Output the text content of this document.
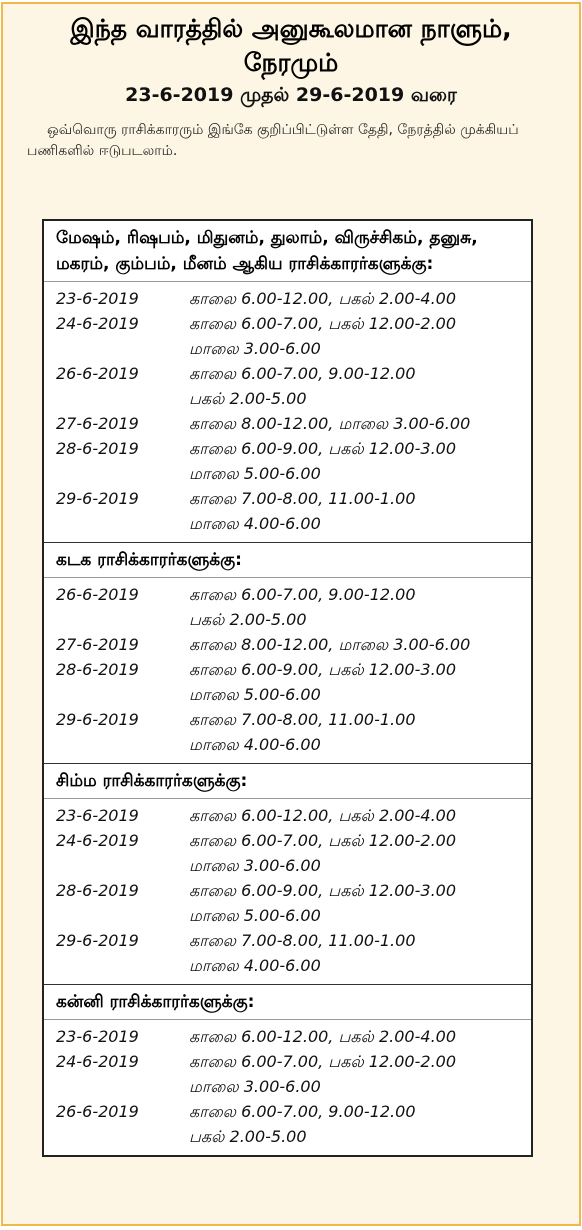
இந்த வாரத்தில் அனுகூலமான நாளும்,
நேரமும்
23-6-2019 முதல் 29-6-2019 வரை
ஒவ்வொரு ராசிக்காரரும் இங்கே குறிப்பிட்டுள்ள தேதி, நேரத்தில் முக்கியப் பணிகளில் ஈடுபடலாம்.
மேஷம், ரிஷபம், மிதுனம், துலாம், விருச்சிகம், தனுசு, மகரம், கும்பம், மீனம் ஆகிய ராசிக்காரர்களுக்கு:
23-6-2019	காலை 6.00-12.00, பகல் 2.00-4.00
24-6-2019	காலை 6.00-7.00, பகல் 12.00-2.00
மாலை 3.00-6.00
26-6-2019	காலை 6.00-7.00, 9.00-12.00
பகல் 2.00-5.00
27-6-2019	காலை 8.00-12.00, மாலை 3.00-6.00
28-6-2019	காலை 6.00-9.00, பகல் 12.00-3.00
மாலை 5.00-6.00
29-6-2019	காலை 7.00-8.00, 11.00-1.00
மாலை 4.00-6.00
கடக ராசிக்காரர்களுக்கு:
26-6-2019	காலை 6.00-7.00, 9.00-12.00
பகல் 2.00-5.00
27-6-2019	காலை 8.00-12.00, மாலை 3.00-6.00
28-6-2019	காலை 6.00-9.00, பகல் 12.00-3.00
மாலை 5.00-6.00
29-6-2019	காலை 7.00-8.00, 11.00-1.00
மாலை 4.00-6.00
சிம்ம ராசிக்காரர்களுக்கு:
23-6-2019	காலை 6.00-12.00, பகல் 2.00-4.00
24-6-2019	காலை 6.00-7.00, பகல் 12.00-2.00
மாலை 3.00-6.00
28-6-2019	காலை 6.00-9.00, பகல் 12.00-3.00
மாலை 5.00-6.00
29-6-2019	காலை 7.00-8.00, 11.00-1.00
மாலை 4.00-6.00
கன்னி ராசிக்காரர்களுக்கு:
23-6-2019	காலை 6.00-12.00, பகல் 2.00-4.00
24-6-2019	காலை 6.00-7.00, பகல் 12.00-2.00
மாலை 3.00-6.00
26-6-2019	காலை 6.00-7.00, 9.00-12.00
பகல் 2.00-5.00
